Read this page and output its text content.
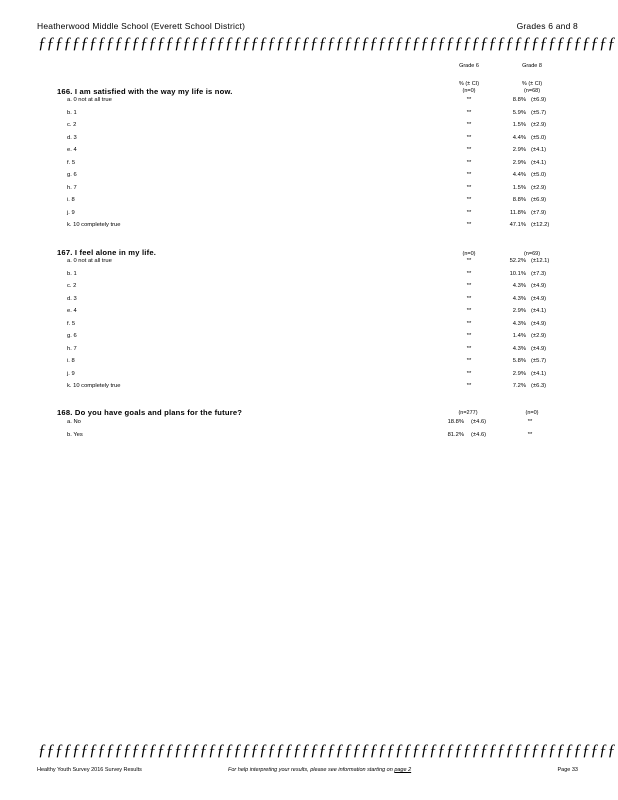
Heatherwood Middle School (Everett School District)	Grades 6 and 8
ƒƒƒƒƒƒƒƒƒƒƒƒƒƒƒƒƒƒƒƒƒƒƒƒƒƒƒƒƒƒƒƒƒƒƒƒƒƒƒƒƒƒƒƒƒƒƒƒƒƒƒƒƒƒƒƒƒƒƒƒƒƒƒƒƒƒƒƒ
Grade 6	Grade 8
% (± CI)	% (± CI)
(n=0)	(n=68)
166. I am satisfied with the way my life is now.
a. 0 not at all true	**	8.8% (±6.9)
b. 1	**	5.9% (±5.7)
c. 2	**	1.5% (±2.9)
d. 3	**	4.4% (±5.0)
e. 4	**	2.9% (±4.1)
f. 5	**	2.9% (±4.1)
g. 6	**	4.4% (±5.0)
h. 7	**	1.5% (±2.9)
i. 8	**	8.8% (±6.9)
j. 9	**	11.8% (±7.9)
k. 10 completely true	**	47.1% (±12.2)
167. I feel alone in my life.	(n=0)	(n=69)
a. 0 not at all true	**	52.2% (±12.1)
b. 1	**	10.1% (±7.3)
c. 2	**	4.3% (±4.9)
d. 3	**	4.3% (±4.9)
e. 4	**	2.9% (±4.1)
f. 5	**	4.3% (±4.9)
g. 6	**	1.4% (±2.9)
h. 7	**	4.3% (±4.9)
i. 8	**	5.8% (±5.7)
j. 9	**	2.9% (±4.1)
k. 10 completely true	**	7.2% (±6.3)
168. Do you have goals and plans for the future?	(n=277)	(n=0)
a. No	18.8% (±4.6)	**
b. Yes	81.2% (±4.6)	**
ƒƒƒƒƒƒƒƒƒƒƒƒƒƒƒƒƒƒƒƒƒƒƒƒƒƒƒƒƒƒƒƒƒƒƒƒƒƒƒƒƒƒƒƒƒƒƒƒƒƒƒƒƒƒƒƒƒƒƒƒƒƒƒƒƒƒƒƒ
Healthy Youth Survey 2016 Survey Results	For help interpreting your results, please see information starting on page 2	Page 33
